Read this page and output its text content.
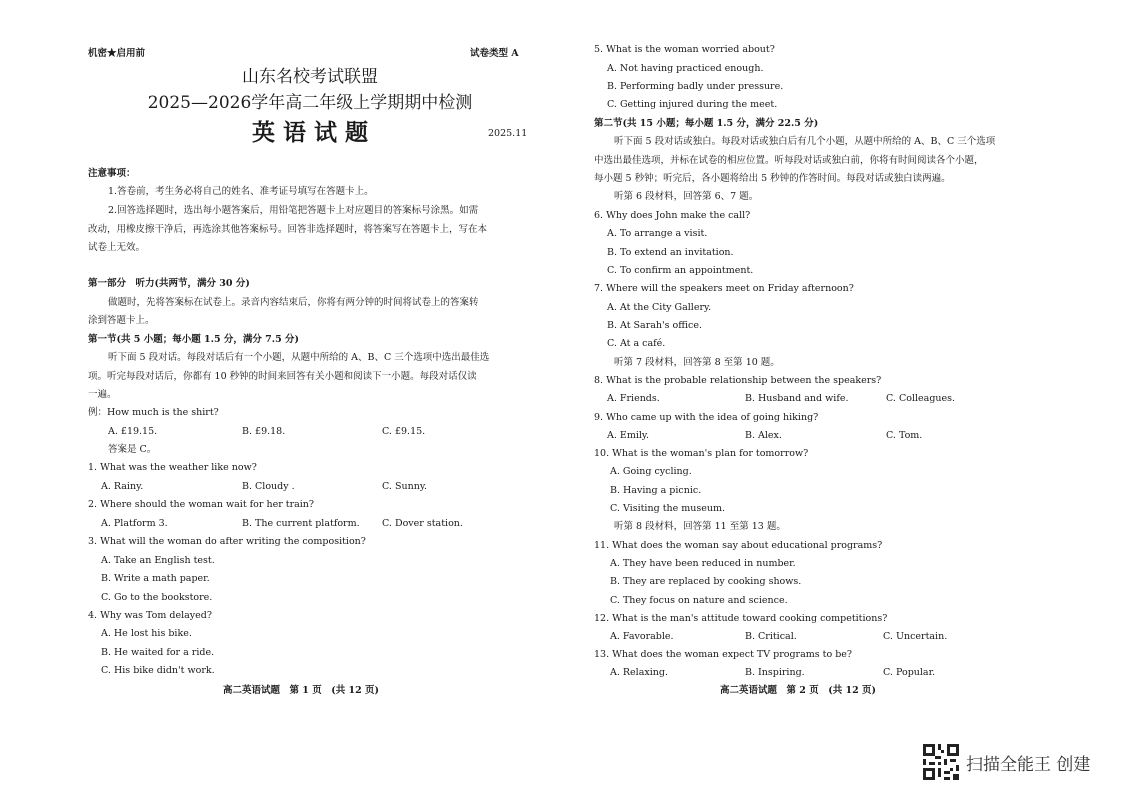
机密★启用前	试卷类型 A
山东名校考试联盟
2025—2026学年高二年级上学期期中检测
英 语 试 题	2025.11
注意事项：
1.答卷前，考生务必将自己的姓名、准考证号填写在答题卡上。
2.回答选择题时，选出每小题答案后，用铅笔把答题卡上对应题目的答案标号涂黑。如需
改动，用橡皮擦干净后，再选涂其他答案标号。回答非选择题时，将答案写在答题卡上，写在本
试卷上无效。
第一部分　听力(共两节，满分 30 分)
做题时，先将答案标在试卷上。录音内容结束后，你将有两分钟的时间将试卷上的答案转
涂到答题卡上。
第一节(共 5 小题；每小题 1.5 分，满分 7.5 分)
听下面 5 段对话。每段对话后有一个小题，从题中所给的 A、B、C 三个选项中选出最佳选
项。听完每段对话后，你都有 10 秒钟的时间来回答有关小题和阅读下一小题。每段对话仅读
一遍。
例：How much is the shirt?
A. £19.15.	B. £9.18.	C. £9.15.
答案是 C。
1. What was the weather like now?
A. Rainy.	B. Cloudy .	C. Sunny.
2. Where should the woman wait for her train?
A. Platform 3.	B. The current platform. C. Dover station.
3. What will the woman do after writing the composition?
A. Take an English test.
B. Write a math paper.
C. Go to the bookstore.
4. Why was Tom delayed?
A. He lost his bike.
B. He waited for a ride.
C. His bike didn't work.
高二英语试题　第 1 页　(共 12 页)
5. What is the woman worried about?
A. Not having practiced enough.
B. Performing badly under pressure.
C. Getting injured during the meet.
第二节(共 15 小题；每小题 1.5 分，满分 22.5 分)
听下面 5 段对话或独白。每段对话或独白后有几个小题，从题中所给的 A、B、C 三个选项
中选出最佳选项，并标在试卷的相应位置。听每段对话或独白前，你将有时间阅读各个小题，
每小题 5 秒钟；听完后，各小题将给出 5 秒钟的作答时间。每段对话或独白读两遍。
听第 6 段材料，回答第 6、7 题。
6. Why does John make the call?
A. To arrange a visit.
B. To extend an invitation.
C. To confirm an appointment.
7. Where will the speakers meet on Friday afternoon?
A. At the City Gallery.
B. At Sarah's office.
C. At a café.
听第 7 段材料，回答第 8 至第 10 题。
8. What is the probable relationship between the speakers?
A. Friends.	B. Husband and wife.	C. Colleagues.
9. Who came up with the idea of going hiking?
A. Emily.	B. Alex.	C. Tom.
10. What is the woman's plan for tomorrow?
A. Going cycling.
B. Having a picnic.
C. Visiting the museum.
听第 8 段材料，回答第 11 至第 13 题。
11. What does the woman say about educational programs?
A. They have been reduced in number.
B. They are replaced by cooking shows.
C. They focus on nature and science.
12. What is the man's attitude toward cooking competitions?
A. Favorable.	B. Critical.	C. Uncertain.
13. What does the woman expect TV programs to be?
A. Relaxing.	B. Inspiring.	C. Popular.
高二英语试题　第 2 页　(共 12 页)
扫描全能王 创建
